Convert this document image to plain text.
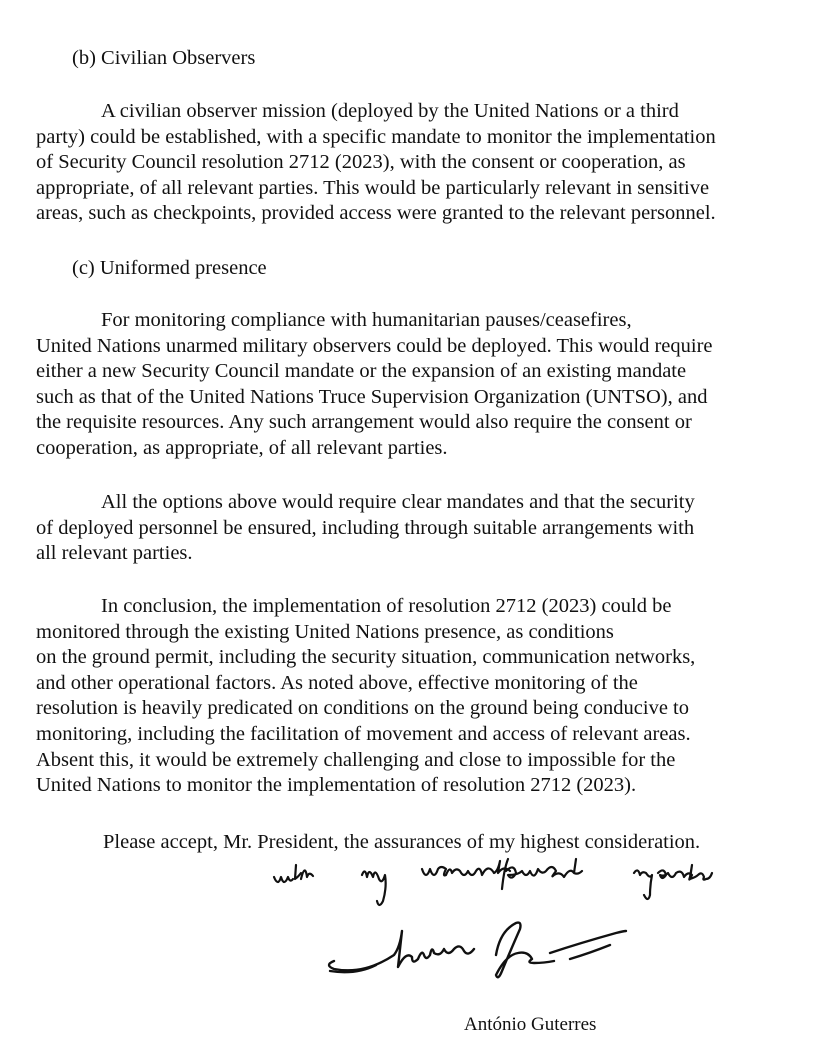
(b) Civilian Observers
A civilian observer mission (deployed by the United Nations or a third
party) could be established, with a specific mandate to monitor the implementation
of Security Council resolution 2712 (2023), with the consent or cooperation, as
appropriate, of all relevant parties. This would be particularly relevant in sensitive
areas, such as checkpoints, provided access were granted to the relevant personnel.
(c) Uniformed presence
For monitoring compliance with humanitarian pauses/ceasefires,
United Nations unarmed military observers could be deployed. This would require
either a new Security Council mandate or the expansion of an existing mandate
such as that of the United Nations Truce Supervision Organization (UNTSO), and
the requisite resources. Any such arrangement would also require the consent or
cooperation, as appropriate, of all relevant parties.
All the options above would require clear mandates and that the security
of deployed personnel be ensured, including through suitable arrangements with
all relevant parties.
In conclusion, the implementation of resolution 2712 (2023) could be
monitored through the existing United Nations presence, as conditions
on the ground permit, including the security situation, communication networks,
and other operational factors. As noted above, effective monitoring of the
resolution is heavily predicated on conditions on the ground being conducive to
monitoring, including the facilitation of movement and access of relevant areas.
Absent this, it would be extremely challenging and close to impossible for the
United Nations to monitor the implementation of resolution 2712 (2023).
Please accept, Mr. President, the assurances of my highest consideration.
António Guterres
